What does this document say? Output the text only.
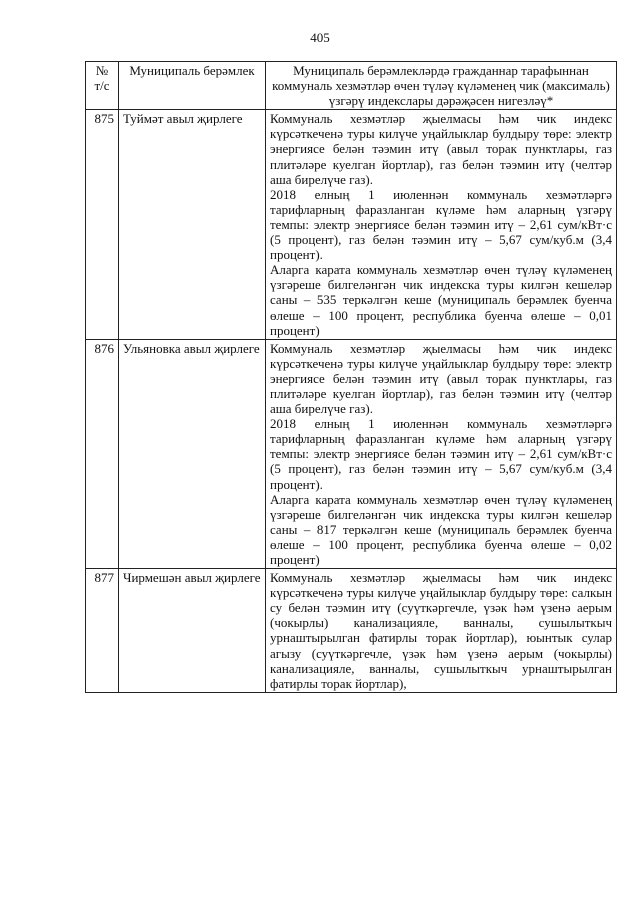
405
№ т/с	Муниципаль берәмлек	Муниципаль берәмлекләрдә гражданнар тарафыннан коммуналь хезмәтләр өчен түләү күләменең чик (максималь) үзгәрү индекслары дәрәҗәсен нигезләү*
875	Туймәт авыл җирлеге	Коммуналь хезмәтләр җыелмасы һәм чик индекс күрсәткеченә туры килүче уңайлыклар булдыру төре: электр энергиясе белән тәэмин итү (авыл торак пунктлары, газ плитәләре куелган йортлар), газ белән тәэмин итү (чeлтәр аша бирелүче газ).

2018 елның 1 июленнән коммуналь хезмәтләргә тарифларның фаразланган күләме һәм аларның үзгәрү темпы: электр энергиясе белән тәэмин итү – 2,61 сум/кВт·с (5 процент), газ белән тәэмин итү – 5,67 сум/куб.м (3,4 процент).

Аларга карата коммуналь хезмәтләр өчен түләү күләменең үзгәреше билгеләнгән чик индекска туры килгән кешеләр саны – 535 теркәлгән кеше (муниципаль берәмлек буенча өлеше – 100 процент, республика буенча өлеше – 0,01 процент)

876	Ульяновка авыл җирлеге	Коммуналь хезмәтләр җыелмасы һәм чик индекс күрсәткеченә туры килүче уңайлыклар булдыру төре: электр энергиясе белән тәэмин итү (авыл торак пунктлары, газ плитәләре куелган йортлар), газ белән тәэмин итү (челтәр аша бирелүче газ).

2018 елның 1 июленнән коммуналь хезмәтләргә тарифларның фаразланган күләме һәм аларның үзгәрү темпы: электр энергиясе белән тәэмин итү – 2,61 сум/кВт·с (5 процент), газ белән тәэмин итү – 5,67 сум/куб.м (3,4 процент).

Аларга карата коммуналь хезмәтләр өчен түләү күләменең үзгәреше билгеләнгән чик индекска туры килгән кешеләр саны – 817 теркәлгән кеше (муниципаль берәмлек буенча өлеше – 100 процент, республика буенча өлеше – 0,02 процент)

877	Чирмешән авыл җирлеге	Коммуналь хезмәтләр җыелмасы һәм чик индекс күрсәткеченә туры килүче уңайлыклар булдыру төре: салкын су белән тәэмин итү (суүткәргечле, үзәк һәм үзенә аерым (чокырлы) канализацияле, ванналы, сушылыткыч урнаштырылган фатирлы торак йортлар), юынтык сулар агызу (суүткәргечле, үзәк һәм үзенә аерым (чокырлы) канализацияле, ванналы, сушылыткыч урнаштырылган фатирлы торак йортлар),
